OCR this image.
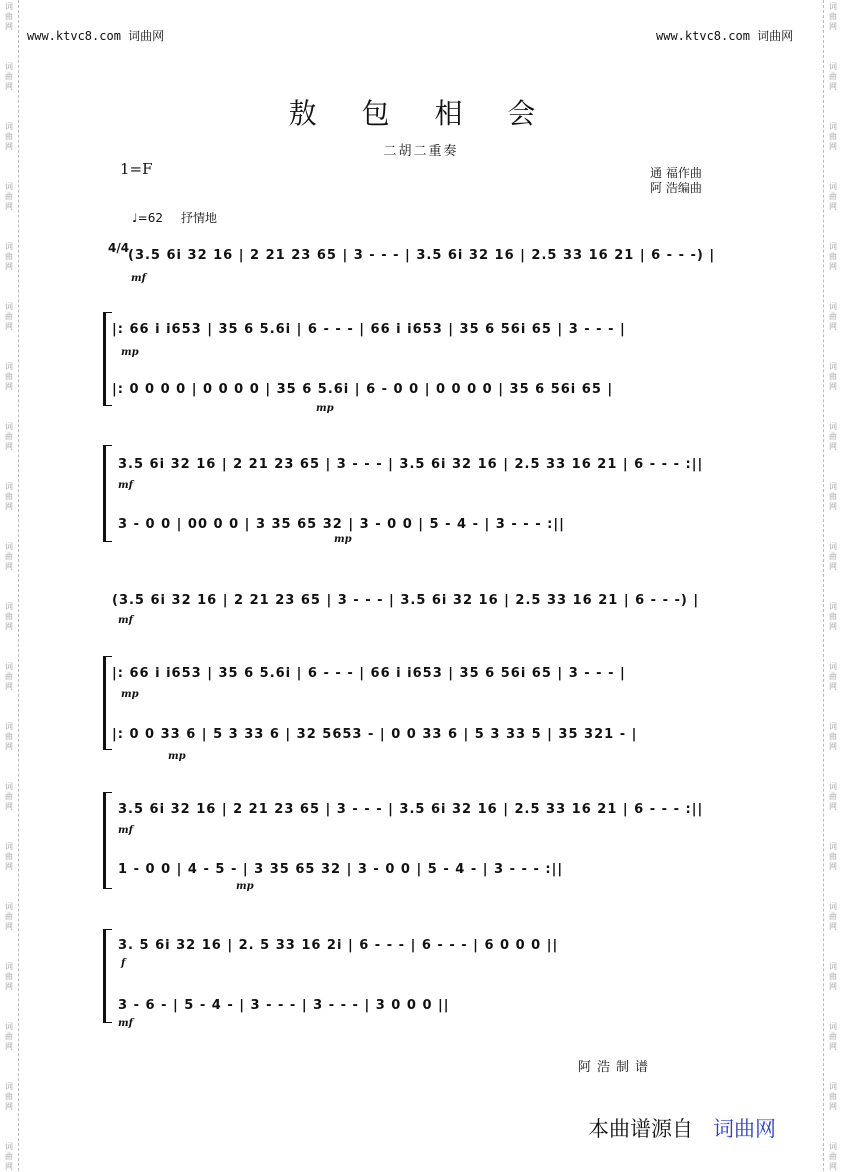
词
曲
网
词
曲
网
词
曲
网
词
曲
网
词
曲
网
词
曲
网
词
曲
网
词
曲
网
词
曲
网
词
曲
网
词
曲
网
词
曲
网
词
曲
网
词
曲
网
词
曲
网
词
曲
网
词
曲
网
词
曲
网
词
曲
网
词
曲
网
词
曲
网
词
曲
网
词
曲
网
词
曲
网
词
曲
网
词
曲
网
词
曲
网
词
曲
网
词
曲
网
词
曲
网
词
曲
网
词
曲
网
词
曲
网
词
曲
网
词
曲
网
词
曲
网
词
曲
网
词
曲
网
词
曲
网
词
曲
网
www.ktvc8.com 词曲网	www.ktvc8.com 词曲网
敖 包 相 会
二胡二重奏
1=F	通 福作曲
阿 浩编曲
♩=62 抒情地
4/4
(3.5 6i 32 16 | 2 21 23 65 | 3 - - - | 3.5 6i 32 16 | 2.5 33 16 21 | 6 - - -) |
mf
|: 66 i i653 | 35 6 5.6i | 6 - - - | 66 i i653 | 35 6 56i 65 | 3 - - - |
mp
|: 0 0 0 0 | 0 0 0 0 | 35 6 5.6i | 6 - 0 0 | 0 0 0 0 | 35 6 56i 65 |
mp
3.5 6i 32 16 | 2 21 23 65 | 3 - - - | 3.5 6i 32 16 | 2.5 33 16 21 | 6 - - - :||
mf
3 - 0 0 | 00 0 0 | 3 35 65 32 | 3 - 0 0 | 5 - 4 - | 3 - - - :||
mp
(3.5 6i 32 16 | 2 21 23 65 | 3 - - - | 3.5 6i 32 16 | 2.5 33 16 21 | 6 - - -) |
mf
|: 66 i i653 | 35 6 5.6i | 6 - - - | 66 i i653 | 35 6 56i 65 | 3 - - - |
mp
|: 0 0 33 6 | 5 3 33 6 | 32 5653 - | 0 0 33 6 | 5 3 33 5 | 35 321 - |
mp
3.5 6i 32 16 | 2 21 23 65 | 3 - - - | 3.5 6i 32 16 | 2.5 33 16 21 | 6 - - - :||
mf
1 - 0 0 | 4 - 5 - | 3 35 65 32 | 3 - 0 0 | 5 - 4 - | 3 - - - :||
mp
3. 5 6i 32 16 | 2. 5 33 16 2i | 6 - - - | 6 - - - | 6 0 0 0 ||
f
3 - 6 - | 5 - 4 - | 3 - - - | 3 - - - | 3 0 0 0 ||
mf
阿浩制谱
本曲谱源自 词曲网
